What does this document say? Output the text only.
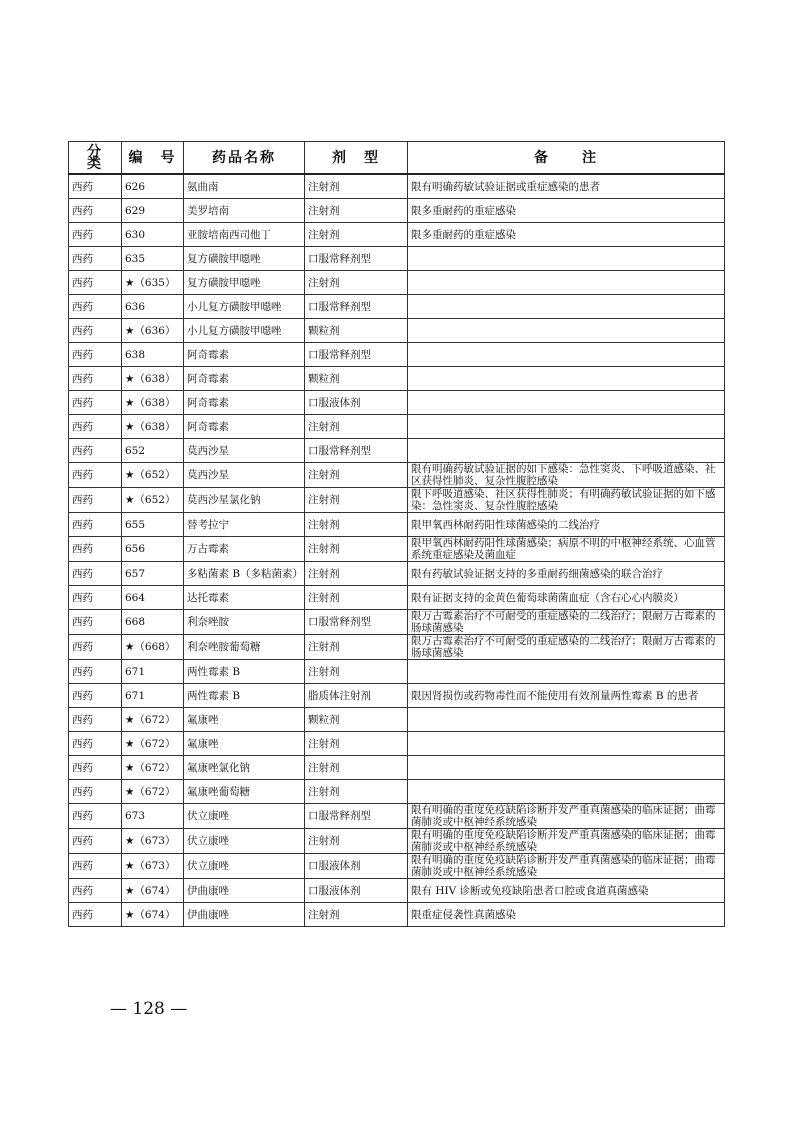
分　类	编　号	药品名称	剂　型	备　　注
西药	626	氨曲南	注射剂	限有明确药敏试验证据或重症感染的患者
西药	629	美罗培南	注射剂	限多重耐药的重症感染
西药	630	亚胺培南西司他丁	注射剂	限多重耐药的重症感染
西药	635	复方磺胺甲噁唑	口服常释剂型	
西药	★（635）	复方磺胺甲噁唑	注射剂	
西药	636	小儿复方磺胺甲噁唑	口服常释剂型	
西药	★（636）	小儿复方磺胺甲噁唑	颗粒剂	
西药	638	阿奇霉素	口服常释剂型	
西药	★（638）	阿奇霉素	颗粒剂	
西药	★（638）	阿奇霉素	口服液体剂	
西药	★（638）	阿奇霉素	注射剂	
西药	652	莫西沙星	口服常释剂型	
西药	★（652）	莫西沙星	注射剂	限有明确药敏试验证据的如下感染：急性窦炎、下呼吸道感染、社区获得性肺炎、复杂性腹腔感染
西药	★（652）	莫西沙星氯化钠	注射剂	限下呼吸道感染、社区获得性肺炎；有明确药敏试验证据的如下感染：急性窦炎、复杂性腹腔感染
西药	655	替考拉宁	注射剂	限甲氧西林耐药阳性球菌感染的二线治疗
西药	656	万古霉素	注射剂	限甲氧西林耐药阳性球菌感染；病原不明的中枢神经系统、心血管系统重症感染及菌血症
西药	657	多粘菌素 B（多粘菌素）	注射剂	限有药敏试验证据支持的多重耐药细菌感染的联合治疗
西药	664	达托霉素	注射剂	限有证据支持的金黄色葡萄球菌菌血症（含右心心内膜炎）
西药	668	利奈唑胺	口服常释剂型	限万古霉素治疗不可耐受的重症感染的二线治疗；限耐万古霉素的肠球菌感染
西药	★（668）	利奈唑胺葡萄糖	注射剂	限万古霉素治疗不可耐受的重症感染的二线治疗；限耐万古霉素的肠球菌感染
西药	671	两性霉素 B	注射剂	
西药	671	两性霉素 B	脂质体注射剂	限因肾损伤或药物毒性而不能使用有效剂量两性霉素 B 的患者
西药	★（672）	氟康唑	颗粒剂	
西药	★（672）	氟康唑	注射剂	
西药	★（672）	氟康唑氯化钠	注射剂	
西药	★（672）	氟康唑葡萄糖	注射剂	
西药	673	伏立康唑	口服常释剂型	限有明确的重度免疫缺陷诊断并发严重真菌感染的临床证据；曲霉菌肺炎或中枢神经系统感染
西药	★（673）	伏立康唑	注射剂	限有明确的重度免疫缺陷诊断并发严重真菌感染的临床证据；曲霉菌肺炎或中枢神经系统感染
西药	★（673）	伏立康唑	口服液体剂	限有明确的重度免疫缺陷诊断并发严重真菌感染的临床证据；曲霉菌肺炎或中枢神经系统感染
西药	★（674）	伊曲康唑	口服液体剂	限有 HIV 诊断或免疫缺陷患者口腔或食道真菌感染
西药	★（674）	伊曲康唑	注射剂	限重症侵袭性真菌感染
— 128 —
